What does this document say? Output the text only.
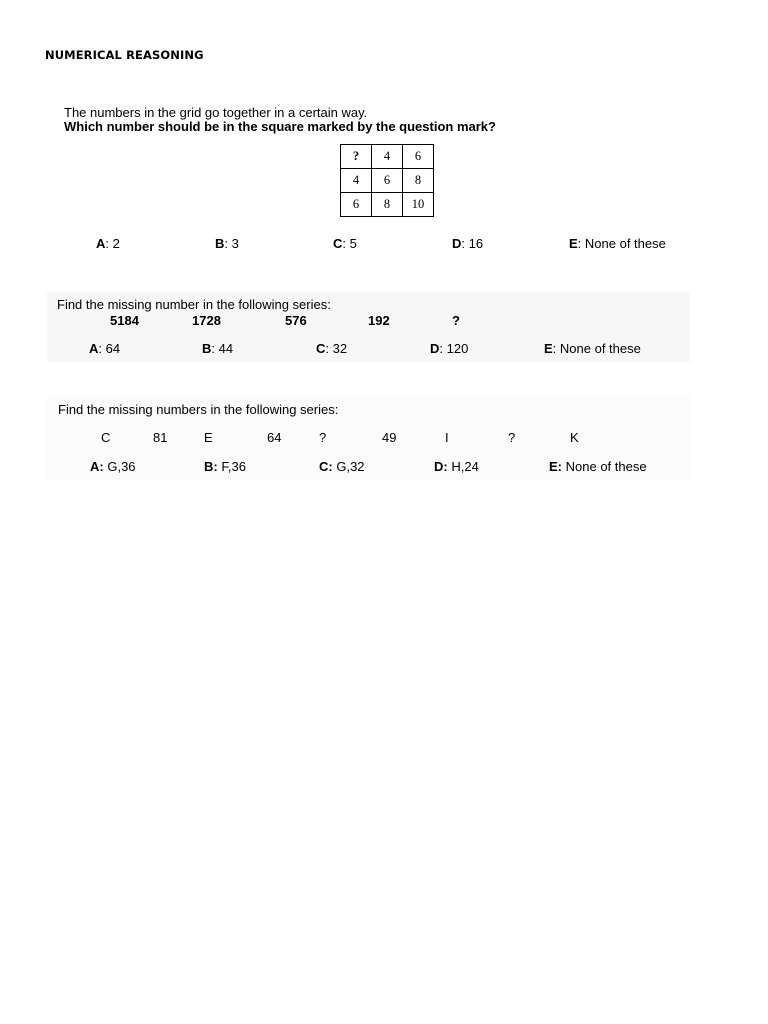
NUMERICAL REASONING
The numbers in the grid go together in a certain way.
Which number should be in the square marked by the question mark?
?	4	6
4	6	8
6	8	10
A: 2	B: 3	C: 5	D: 16	E: None of these
Find the missing number in the following series:
5184	1728	576	192	?
A: 64	B: 44	C: 32	D: 120	E: None of these
Find the missing numbers in the following series:
C	81	E	64	?	49	I	?	K
A: G,36	B: F,36	C: G,32	D: H,24	E: None of these
